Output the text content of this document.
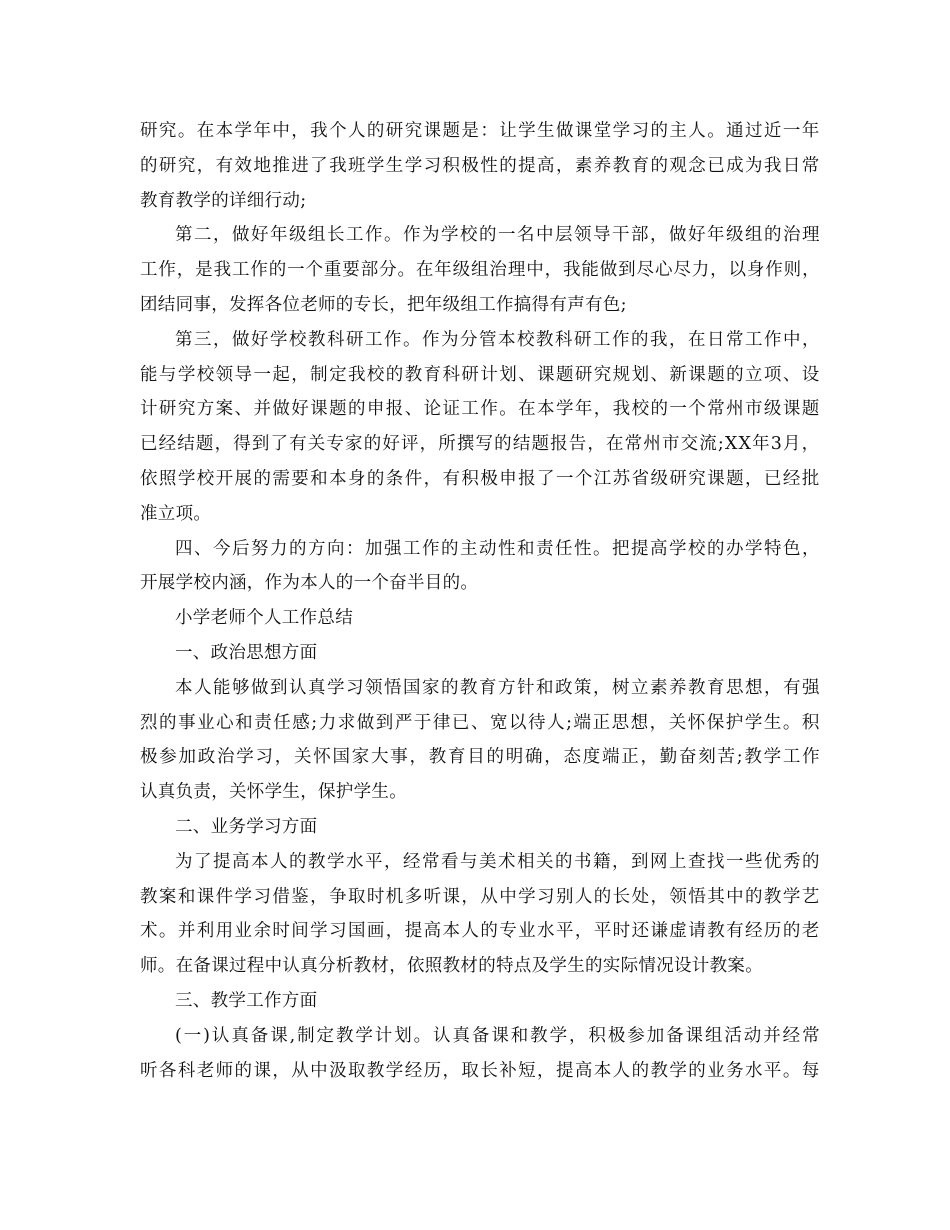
研 究 。 在 本 学 年 中 ， 我 个 人 的 研 究 课 题 是 ： 让 学 生 做 课 堂 学 习 的 主 人 。 通 过 近 一 年
的 研 究 ， 有 效 地 推 进 了 我 班 学 生 学 习 积 极 性 的 提 高 ， 素 养 教 育 的 观 念 已 成 为 我 日 常
教育教学的详细行动;
第 二 ， 做 好 年 级 组 长 工 作 。 作 为 学 校 的 一 名 中 层 领 导 干 部 ， 做 好 年 级 组 的 治 理
工 作 ， 是 我 工 作 的 一 个 重 要 部 分 。 在 年 级 组 治 理 中 ， 我 能 做 到 尽 心 尽 力 ， 以 身 作 则 ，
团结同事，发挥各位老师的专长，把年级组工作搞得有声有色;
第 三 ， 做 好 学 校 教 科 研 工 作 。 作 为 分 管 本 校 教 科 研 工 作 的 我 ， 在 日 常 工 作 中 ，
能 与 学 校 领 导 一 起 ， 制 定 我 校 的 教 育 科 研 计 划 、 课 题 研 究 规 划 、 新 课 题 的 立 项 、 设
计 研 究 方 案 、 并 做 好 课 题 的 申 报 、 论 证 工 作 。 在 本 学 年 ， 我 校 的 一 个 常 州 市 级 课 题
已 经 结 题 ， 得 到 了 有 关 专 家 的 好 评 ， 所 撰 写 的 结 题 报 告 ， 在 常 州 市 交 流 ; X X 年 3 月 ，
依 照 学 校 开 展 的 需 要 和 本 身 的 条 件 ， 有 积 极 申 报 了 一 个 江 苏 省 级 研 究 课 题 ， 已 经 批
准立项。
四 、 今 后 努 力 的 方 向 ： 加 强 工 作 的 主 动 性 和 责 任 性 。 把 提 高 学 校 的 办 学 特 色 ，
开展学校内涵，作为本人的一个奋半目的。
小学老师个人工作总结
一、政治思想方面
本 人 能 够 做 到 认 真 学 习 领 悟 国 家 的 教 育 方 针 和 政 策 ， 树 立 素 养 教 育 思 想 ， 有 强
烈 的 事 业 心 和 责 任 感 ; 力 求 做 到 严 于 律 已 、 宽 以 待 人 ; 端 正 思 想 ， 关 怀 保 护 学 生 。 积
极 参 加 政 治 学 习 ， 关 怀 国 家 大 事 ， 教 育 目 的 明 确 ， 态 度 端 正 ， 勤 奋 刻 苦 ; 教 学 工 作
认真负责，关怀学生，保护学生。
二、业务学习方面
为 了 提 高 本 人 的 教 学 水 平 ， 经 常 看 与 美 术 相 关 的 书 籍 ， 到 网 上 查 找 一 些 优 秀 的
教 案 和 课 件 学 习 借 鉴 ， 争 取 时 机 多 听 课 ， 从 中 学 习 别 人 的 长 处 ， 领 悟 其 中 的 教 学 艺
术 。 并 利 用 业 余 时 间 学 习 国 画 ， 提 高 本 人 的 专 业 水 平 ， 平 时 还 谦 虚 请 教 有 经 历 的 老
师。在备课过程中认真分析教材，依照教材的特点及学生的实际情况设计教案。
三、教学工作方面
( 一 ) 认 真 备 课 , 制 定 教 学 计 划 。 认 真 备 课 和 教 学 ， 积 极 参 加 备 课 组 活 动 并 经 常
听 各 科 老 师 的 课 ， 从 中 汲 取 教 学 经 历 ， 取 长 补 短 ， 提 高 本 人 的 教 学 的 业 务 水 平 。 每
